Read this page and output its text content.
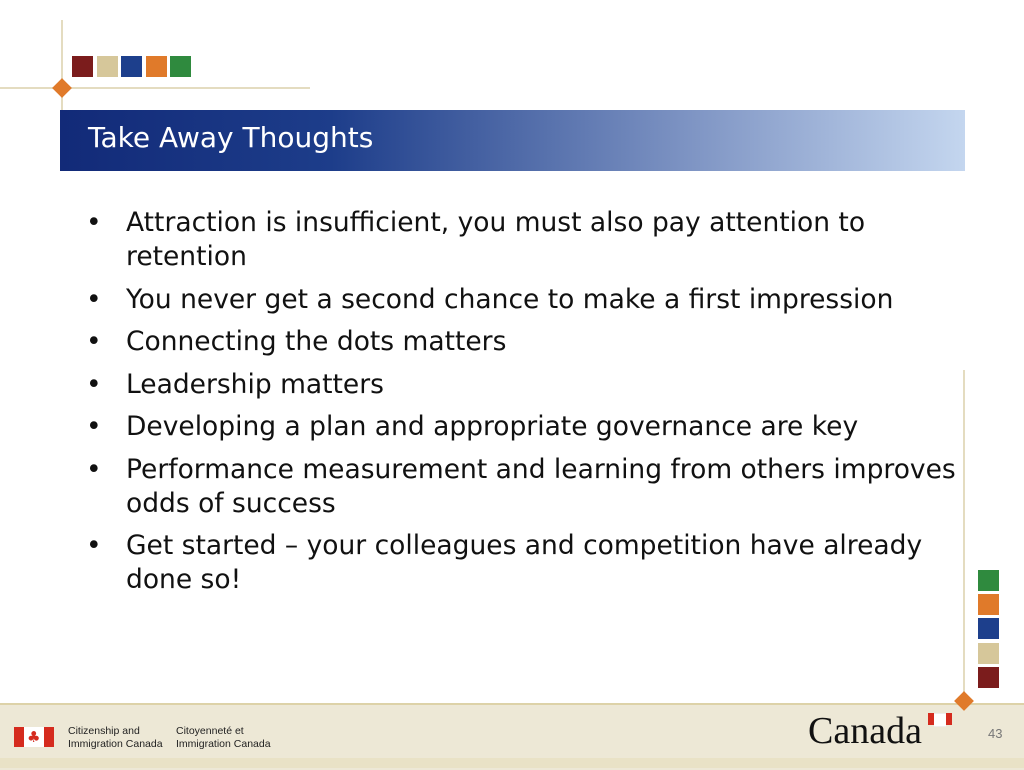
Take Away Thoughts
• Attraction is insufficient, you must also pay attention to retention
• You never get a second chance to make a first impression
• Connecting the dots matters
• Leadership matters
• Developing a plan and appropriate governance are key
• Performance measurement and learning from others improves odds of success
• Get started – your colleagues and competition have already done so!
♣	Citizenship and
Immigration Canada
Citoyenneté et
Immigration Canada	Canada	43
